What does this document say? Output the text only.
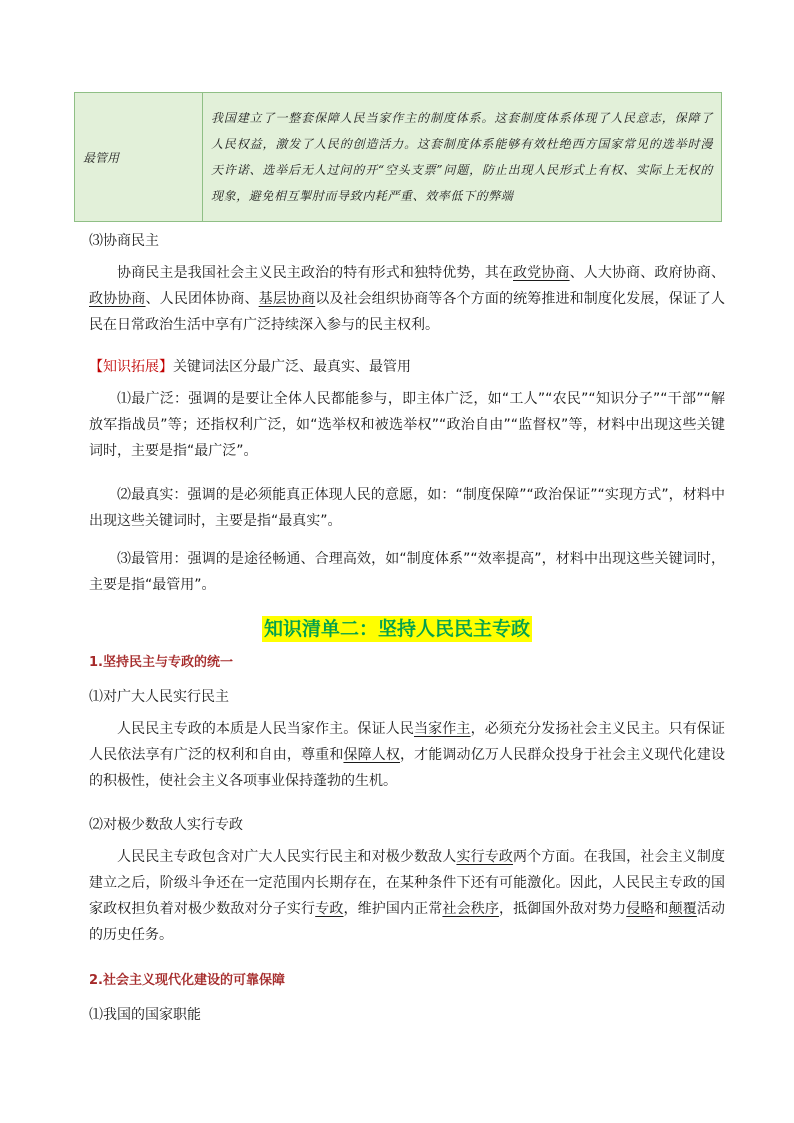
最管用	我国建立了一整套保障人民当家作主的制度体系。这套制度体系体现了人民意志，保障了人民权益，激发了人民的创造活力。这套制度体系能够有效杜绝西方国家常见的选举时漫天许诺、选举后无人过问的开“空头支票”问题，防止出现人民形式上有权、实际上无权的现象，避免相互掣肘而导致内耗严重、效率低下的弊端
⑶协商民主
协商民主是我国社会主义民主政治的特有形式和独特优势，其在政党协商、人大协商、政府协商、政协协商、人民团体协商、基层协商以及社会组织协商等各个方面的统筹推进和制度化发展，保证了人民在日常政治生活中享有广泛持续深入参与的民主权利。
【知识拓展】关键词法区分最广泛、最真实、最管用
⑴最广泛：强调的是要让全体人民都能参与，即主体广泛，如“工人”“农民”“知识分子”“干部”“解放军指战员”等；还指权利广泛，如“选举权和被选举权”“政治自由”“监督权”等，材料中出现这些关键词时，主要是指“最广泛”。
⑵最真实：强调的是必须能真正体现人民的意愿，如：“制度保障”“政治保证”“实现方式”，材料中出现这些关键词时，主要是指“最真实”。
⑶最管用：强调的是途径畅通、合理高效，如“制度体系”“效率提高”，材料中出现这些关键词时，主要是指“最管用”。
知识清单二：坚持人民民主专政
1.坚持民主与专政的统一
⑴对广大人民实行民主
人民民主专政的本质是人民当家作主。保证人民当家作主，必须充分发扬社会主义民主。只有保证人民依法享有广泛的权利和自由，尊重和保障人权，才能调动亿万人民群众投身于社会主义现代化建设的积极性，使社会主义各项事业保持蓬勃的生机。
⑵对极少数敌人实行专政
人民民主专政包含对广大人民实行民主和对极少数敌人实行专政两个方面。在我国，社会主义制度建立之后，阶级斗争还在一定范围内长期存在，在某种条件下还有可能激化。因此，人民民主专政的国家政权担负着对极少数敌对分子实行专政，维护国内正常社会秩序，抵御国外敌对势力侵略和颠覆活动的历史任务。
2.社会主义现代化建设的可靠保障
⑴我国的国家职能
